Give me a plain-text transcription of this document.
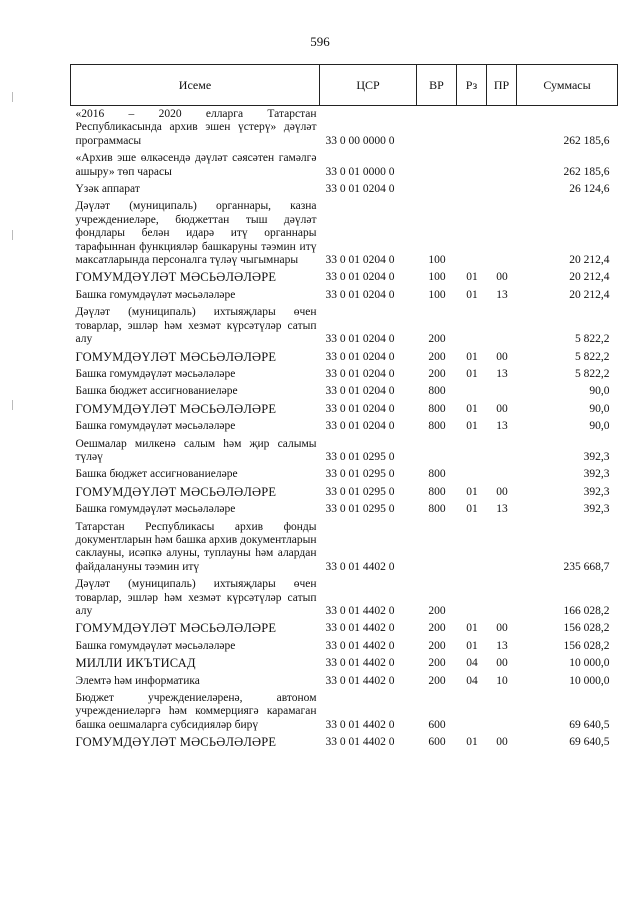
596
Исеме	ЦСР	ВР	Рз	ПР	Суммасы
«2016 – 2020 елларга Татарстан Республикасында архив эшен үстерү» дәүләт программасы	33 0 00 0000 0				262 185,6
«Архив эше өлкәсендә дәүләт сәясәтен гамәлгә ашыру» төп чарасы	33 0 01 0000 0				262 185,6
Үзәк аппарат	33 0 01 0204 0				26 124,6
Дәүләт (муниципаль) органнары, казна учреждениеләре, бюджеттан тыш дәүләт фондлары белән идарә итү органнары тарафыннан функцияләр башкаруны тәэмин итү максатларында персоналга түләү чыгымнары	33 0 01 0204 0	100			20 212,4
ГОМУМДӘҮЛӘТ МӘСЬӘЛӘЛӘРЕ	33 0 01 0204 0	100	01	00	20 212,4
Башка гомумдәүләт мәсьәләләре	33 0 01 0204 0	100	01	13	20 212,4
Дәүләт (муниципаль) ихтыяҗлары өчен товарлар, эшләр һәм хезмәт күрсәтүләр сатып алу	33 0 01 0204 0	200			5 822,2
ГОМУМДӘҮЛӘТ МӘСЬӘЛӘЛӘРЕ	33 0 01 0204 0	200	01	00	5 822,2
Башка гомумдәүләт мәсьәләләре	33 0 01 0204 0	200	01	13	5 822,2
Башка бюджет ассигнованиеләре	33 0 01 0204 0	800			90,0
ГОМУМДӘҮЛӘТ МӘСЬӘЛӘЛӘРЕ	33 0 01 0204 0	800	01	00	90,0
Башка гомумдәүләт мәсьәләләре	33 0 01 0204 0	800	01	13	90,0
Оешмалар милкенә салым һәм җир салымы түләү	33 0 01 0295 0				392,3
Башка бюджет ассигнованиеләре	33 0 01 0295 0	800			392,3
ГОМУМДӘҮЛӘТ МӘСЬӘЛӘЛӘРЕ	33 0 01 0295 0	800	01	00	392,3
Башка гомумдәүләт мәсьәләләре	33 0 01 0295 0	800	01	13	392,3
Татарстан Республикасы архив фонды документларын һәм башка архив документларын саклауны, исәпкә алуны, туплауны һәм алардан файдалануны тәэмин итү	33 0 01 4402 0				235 668,7
Дәүләт (муниципаль) ихтыяҗлары өчен товарлар, эшләр һәм хезмәт күрсәтүләр сатып алу	33 0 01 4402 0	200			166 028,2
ГОМУМДӘҮЛӘТ МӘСЬӘЛӘЛӘРЕ	33 0 01 4402 0	200	01	00	156 028,2
Башка гомумдәүләт мәсьәләләре	33 0 01 4402 0	200	01	13	156 028,2
МИЛЛИ ИКЪТИСАД	33 0 01 4402 0	200	04	00	10 000,0
Элемтә һәм информатика	33 0 01 4402 0	200	04	10	10 000,0
Бюджет учреждениеләренә, автоном учреждениеләргә һәм коммерциягә карамаган башка оешмаларга субсидияләр бирү	33 0 01 4402 0	600			69 640,5
ГОМУМДӘҮЛӘТ МӘСЬӘЛӘЛӘРЕ	33 0 01 4402 0	600	01	00	69 640,5
